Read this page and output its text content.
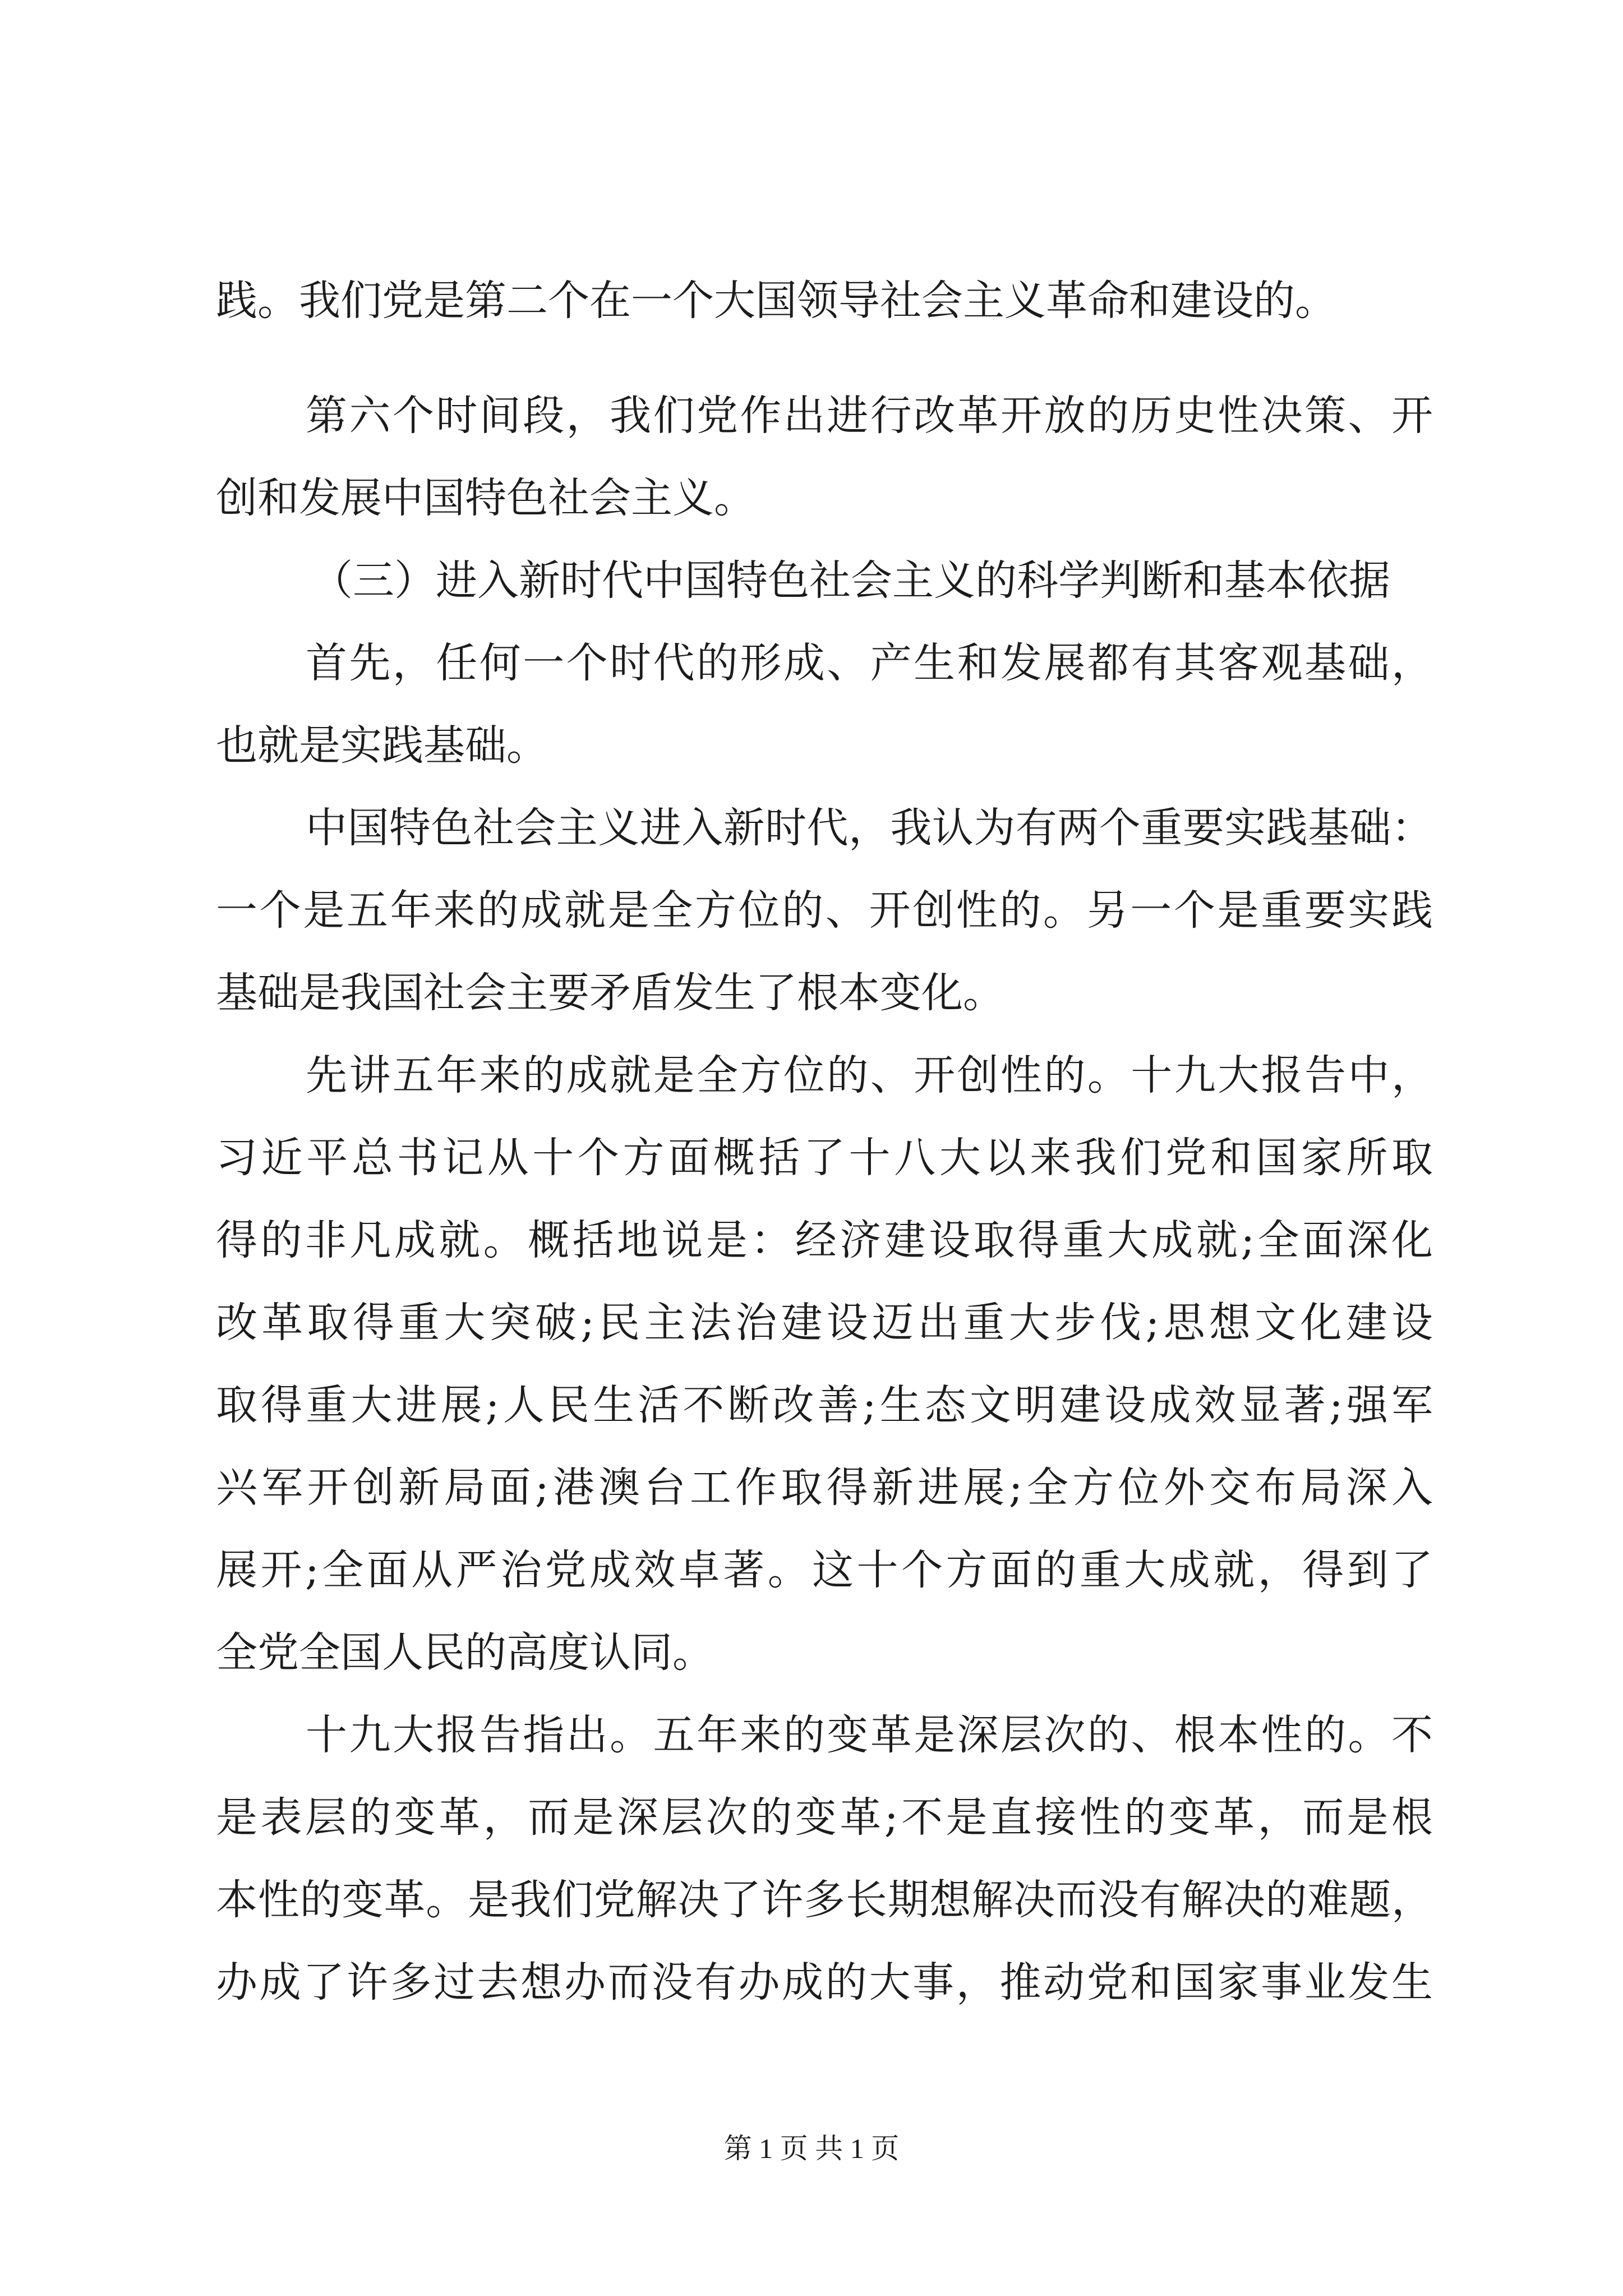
践。我们党是第二个在一个大国领导社会主义革命和建设的。
第六个时间段，我们党作出进行改革开放的历史性决策、开
创和发展中国特色社会主义。
（三）进入新时代中国特色社会主义的科学判断和基本依据
首先，任何一个时代的形成、产生和发展都有其客观基础，
也就是实践基础。
中国特色社会主义进入新时代，我认为有两个重要实践基础：
一个是五年来的成就是全方位的、开创性的。另一个是重要实践
基础是我国社会主要矛盾发生了根本变化。
先讲五年来的成就是全方位的、开创性的。十九大报告中，
习近平总书记从十个方面概括了十八大以来我们党和国家所取
得的非凡成就。概括地说是：经济建设取得重大成就;全面深化
改革取得重大突破;民主法治建设迈出重大步伐;思想文化建设
取得重大进展;人民生活不断改善;生态文明建设成效显著;强军
兴军开创新局面;港澳台工作取得新进展;全方位外交布局深入
展开;全面从严治党成效卓著。这十个方面的重大成就，得到了
全党全国人民的高度认同。
十九大报告指出。五年来的变革是深层次的、根本性的。不
是表层的变革，而是深层次的变革;不是直接性的变革，而是根
本性的变革。是我们党解决了许多长期想解决而没有解决的难题，
办成了许多过去想办而没有办成的大事，推动党和国家事业发生
第 1 页 共 1 页
